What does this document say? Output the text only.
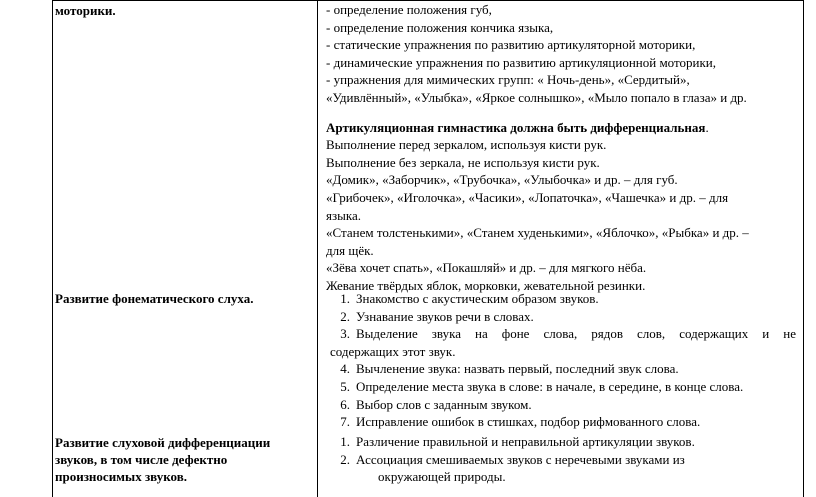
моторики.
Развитие фонематического слуха.
Развитие слуховой дифференциации
звуков, в том числе дефектно
произносимых звуков.
- определение положения губ,
- определение положения кончика языка,
- статические упражнения по развитию артикуляторной моторики,
- динамические упражнения по развитию артикуляционной моторики,
- упражнения для мимических групп: « Ночь-день», «Сердитый»,
«Удивлённый», «Улыбка», «Яркое солнышко», «Мыло попало в глаза» и др.
Артикуляционная гимнастика должна быть дифференциальная.
Выполнение перед зеркалом, используя кисти рук.
Выполнение без зеркала, не используя кисти рук.
«Домик», «Заборчик», «Трубочка», «Улыбочка» и др. – для губ.
«Грибочек», «Иголочка», «Часики», «Лопаточка», «Чашечка» и др. – для
языка.
«Станем толстенькими», «Станем худенькими», «Яблочко», «Рыбка» и др. –
для щёк.
«Зёва хочет спать», «Покашляй» и др. – для мягкого нёба.
Жевание твёрдых яблок, морковки, жевательной резинки.
1. Знакомство с акустическим образом звуков.
2. Узнавание звуков речи в словах.
3. Выделение звука на фоне слова, рядов слов, содержащих и не
содержащих этот звук.
4. Вычленение звука: назвать первый, последний звук слова.
5. Определение места звука в слове: в начале, в середине, в конце слова.
6. Выбор слов с заданным звуком.
7. Исправление ошибок в стишках, подбор рифмованного слова.
1. Различение правильной и неправильной артикуляции звуков.
2. Ассоциация смешиваемых звуков с неречевыми звуками из
окружающей природы.
